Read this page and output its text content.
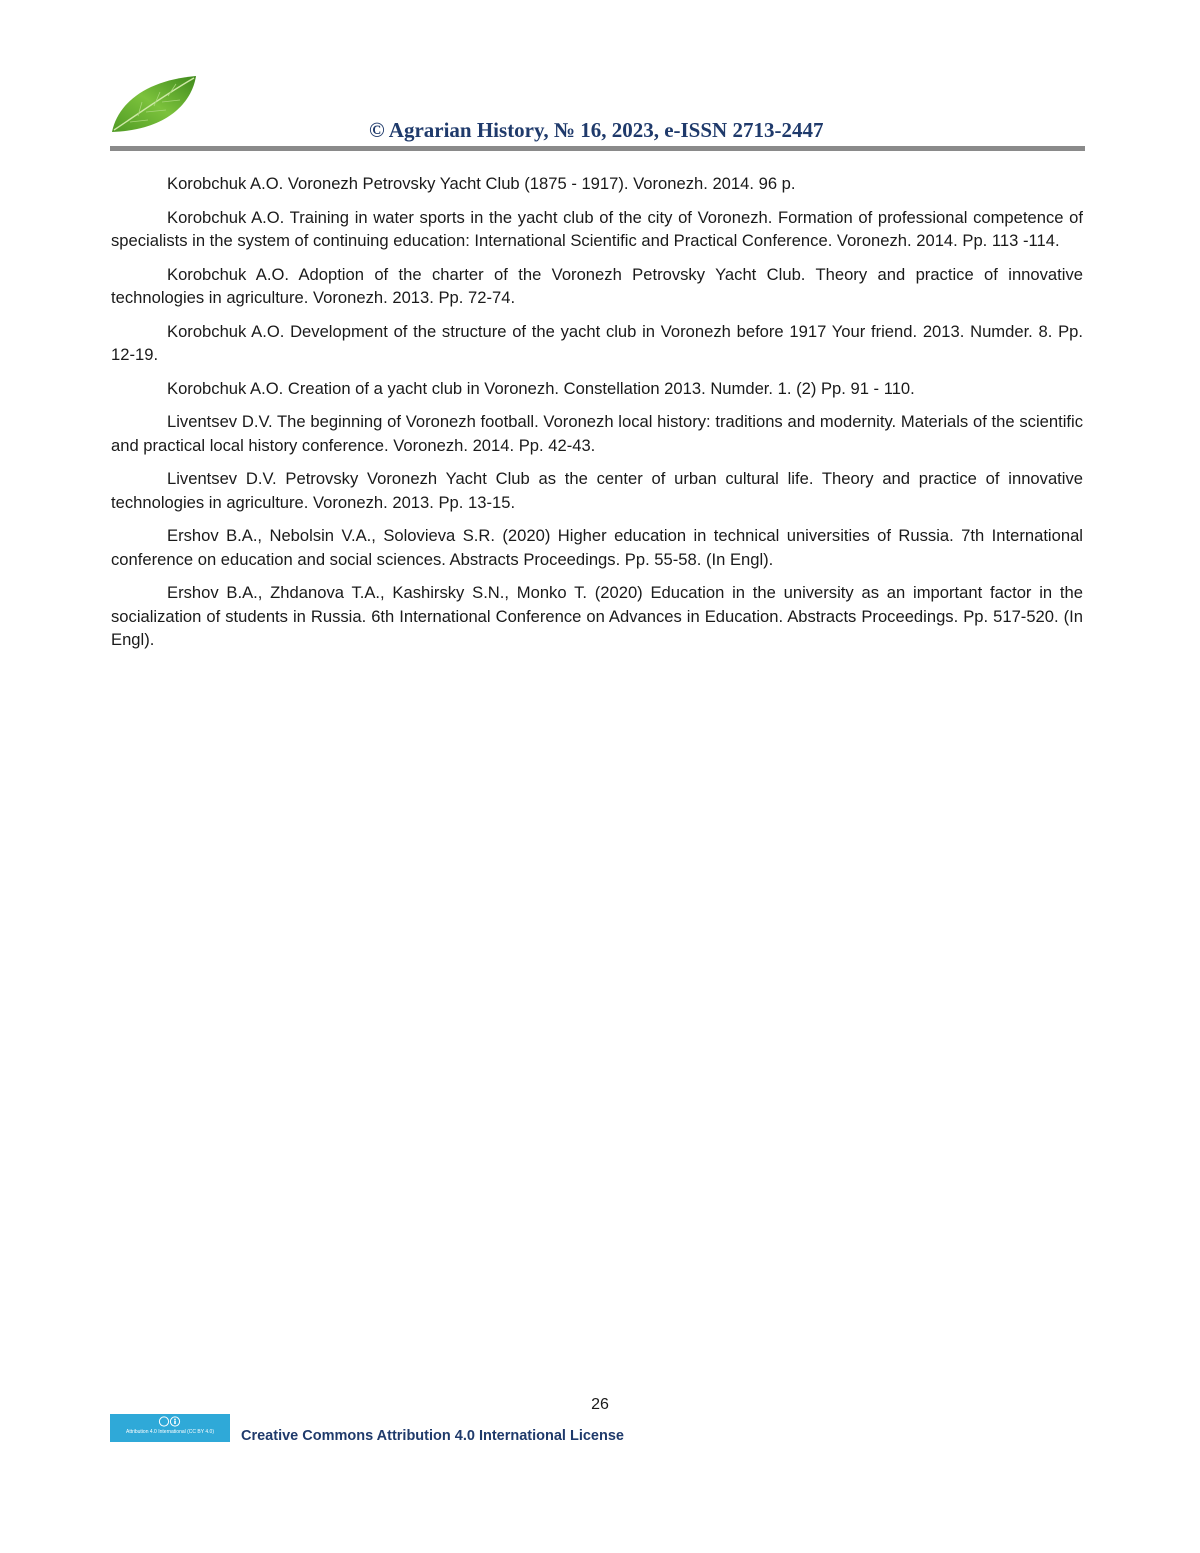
© Agrarian History, № 16, 2023, e-ISSN 2713-2447

Korobchuk A.O. Voronezh Petrovsky Yacht Club (1875 - 1917). Voronezh. 2014. 96 p.

Korobchuk A.O. Training in water sports in the yacht club of the city of Voronezh. Formation of professional competence of specialists in the system of continuing education: International Scientific and Practical Conference. Voronezh. 2014. Pp. 113 -114.

Korobchuk A.O. Adoption of the charter of the Voronezh Petrovsky Yacht Club. Theory and practice of innovative technologies in agriculture. Voronezh. 2013. Pp. 72-74.

Korobchuk A.O. Development of the structure of the yacht club in Voronezh before 1917 Your friend. 2013. Numder. 8. Pp. 12-19.

Korobchuk A.O. Creation of a yacht club in Voronezh. Constellation 2013. Numder. 1. (2) Pp. 91 - 110.

Liventsev D.V. The beginning of Voronezh football. Voronezh local history: traditions and modernity. Materials of the scientific and practical local history conference. Voronezh. 2014. Pp. 42-43.

Liventsev D.V. Petrovsky Voronezh Yacht Club as the center of urban cultural life. Theory and practice of innovative technologies in agriculture. Voronezh. 2013. Pp. 13-15.

Ershov B.A., Nebolsin V.A., Solovieva S.R. (2020) Higher education in technical universities of Russia. 7th International conference on education and social sciences. Abstracts Proceedings. Pp. 55-58. (In Engl).

Ershov B.A., Zhdanova T.A., Kashirsky S.N., Monko T. (2020) Education in the university as an important factor in the socialization of students in Russia. 6th International Conference on Advances in Education. Abstracts Proceedings. Pp. 517-520. (In Engl).

26
Attribution 4.0 International (CC BY 4.0)	Creative Commons Attribution 4.0 International License
